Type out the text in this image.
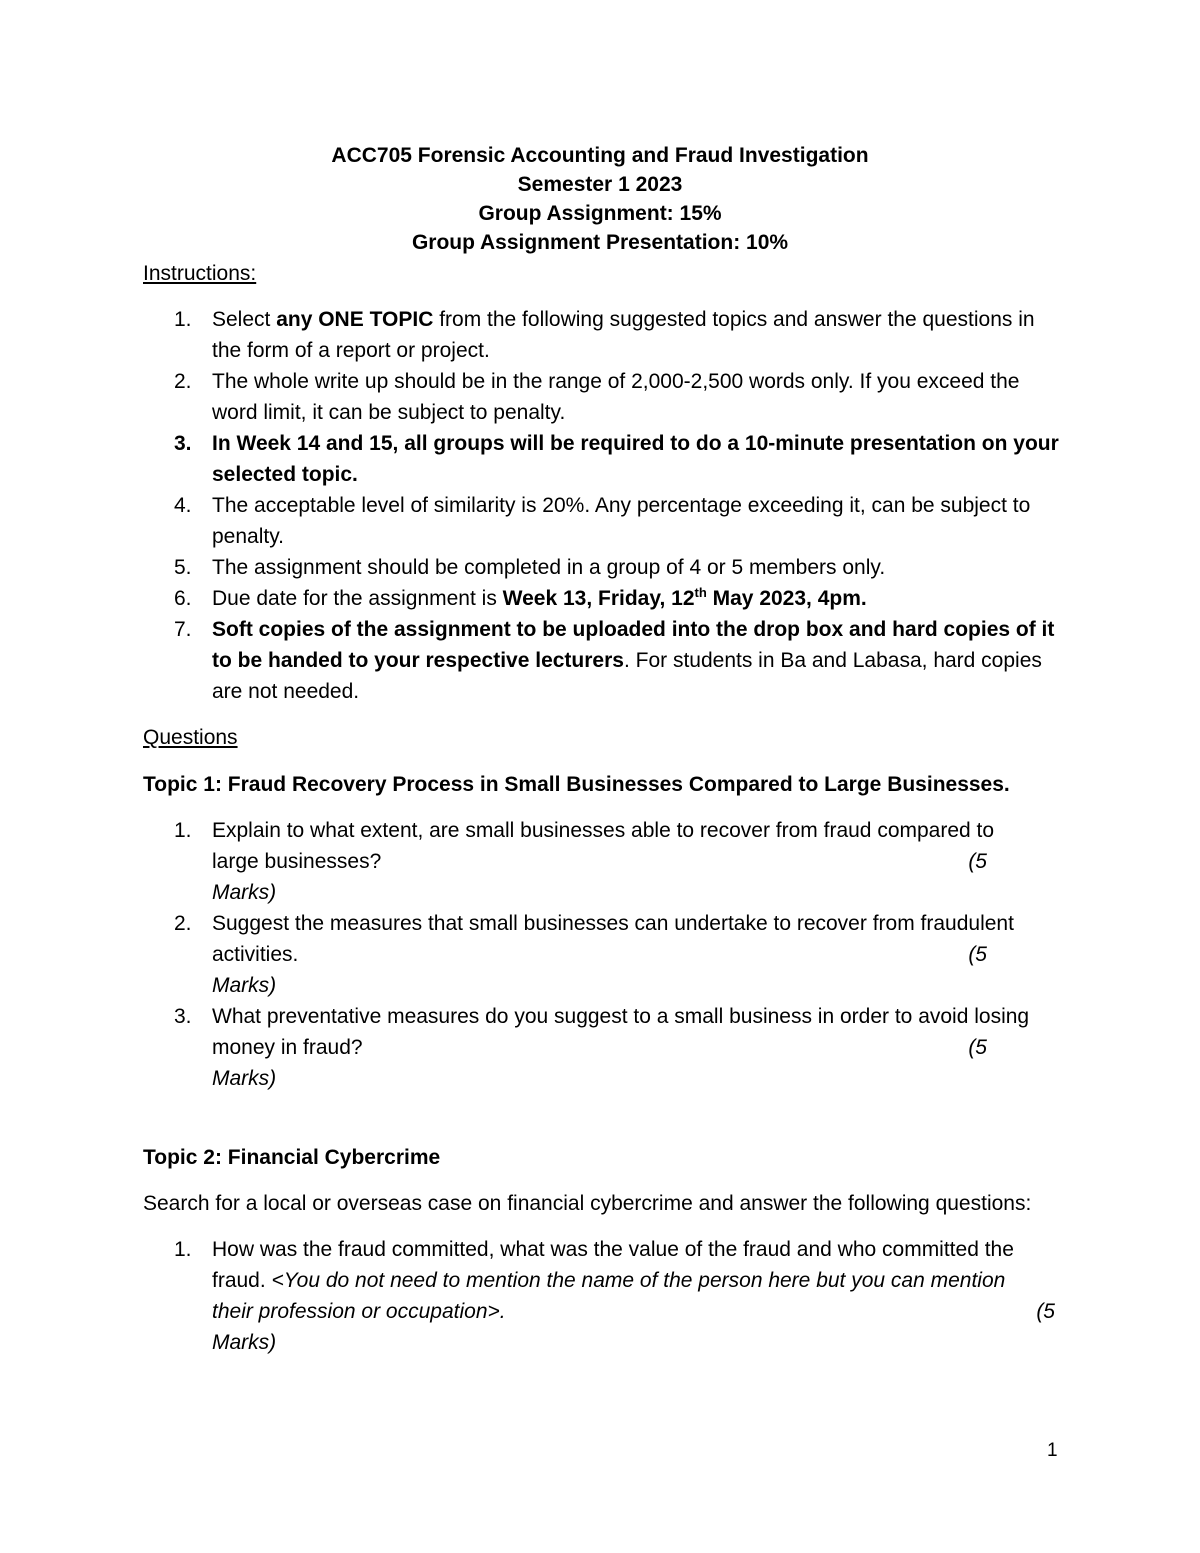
ACC705 Forensic Accounting and Fraud Investigation
Semester 1 2023
Group Assignment: 15%
Group Assignment Presentation: 10%
Instructions:
1. Select any ONE TOPIC from the following suggested topics and answer the questions in the form of a report or project.
2. The whole write up should be in the range of 2,000-2,500 words only. If you exceed the word limit, it can be subject to penalty.
3. In Week 14 and 15, all groups will be required to do a 10-minute presentation on your selected topic.
4. The acceptable level of similarity is 20%. Any percentage exceeding it, can be subject to penalty.
5. The assignment should be completed in a group of 4 or 5 members only.
6. Due date for the assignment is Week 13, Friday, 12th May 2023, 4pm.
7. Soft copies of the assignment to be uploaded into the drop box and hard copies of it to be handed to your respective lecturers. For students in Ba and Labasa, hard copies are not needed.
Questions
Topic 1: Fraud Recovery Process in Small Businesses Compared to Large Businesses.
1. Explain to what extent, are small businesses able to recover from fraud compared to
large businesses?	(5
Marks)
2. Suggest the measures that small businesses can undertake to recover from fraudulent
activities.	(5
Marks)
3. What preventative measures do you suggest to a small business in order to avoid losing
money in fraud?	(5
Marks)
Topic 2: Financial Cybercrime
Search for a local or overseas case on financial cybercrime and answer the following questions:
1. How was the fraud committed, what was the value of the fraud and who committed the
fraud. <You do not need to mention the name of the person here but you can mention
their profession or occupation>.	(5
Marks)
1
